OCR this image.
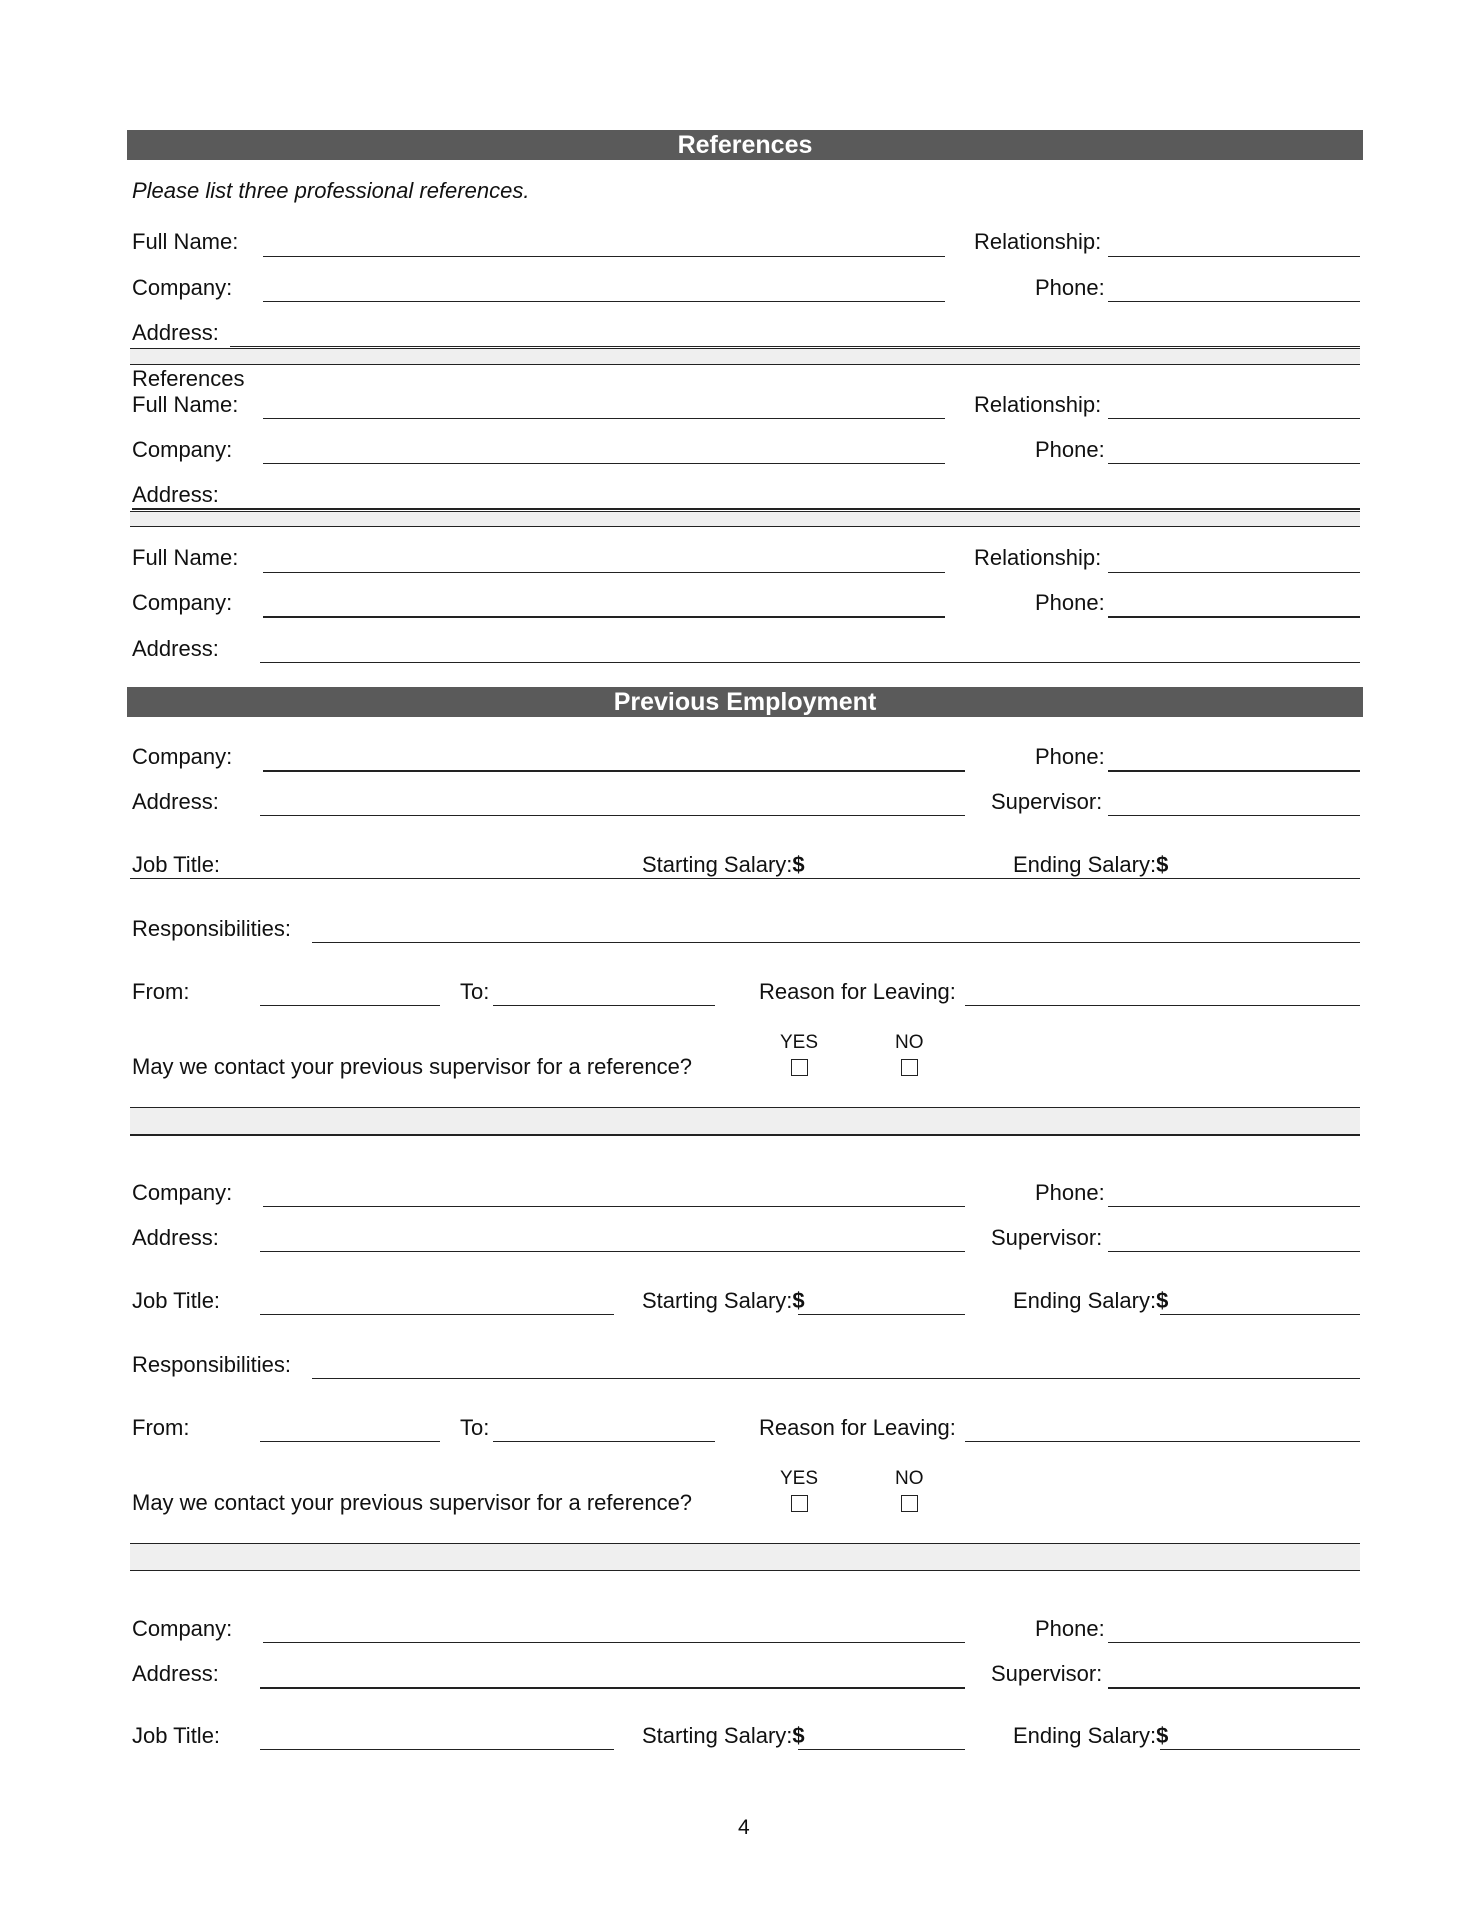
References
Please list three professional references.
Full Name:	Relationship:
Company:	Phone:
Address:
References
Full Name:	Relationship:
Company:	Phone:
Address:
Full Name:	Relationship:
Company:	Phone:
Address:
Previous Employment
Company:	Phone:
Address:	Supervisor:
Job Title:	Starting Salary:$	Ending Salary:$
Responsibilities:
From:	To:	Reason for Leaving:
YES	NO
May we contact your previous supervisor for a reference?
Company:	Phone:
Address:	Supervisor:
Job Title:	Starting Salary:$	Ending Salary:$
Responsibilities:
From:	To:	Reason for Leaving:
YES	NO
May we contact your previous supervisor for a reference?
Company:	Phone:
Address:	Supervisor:
Job Title:	Starting Salary:$	Ending Salary:$
4
